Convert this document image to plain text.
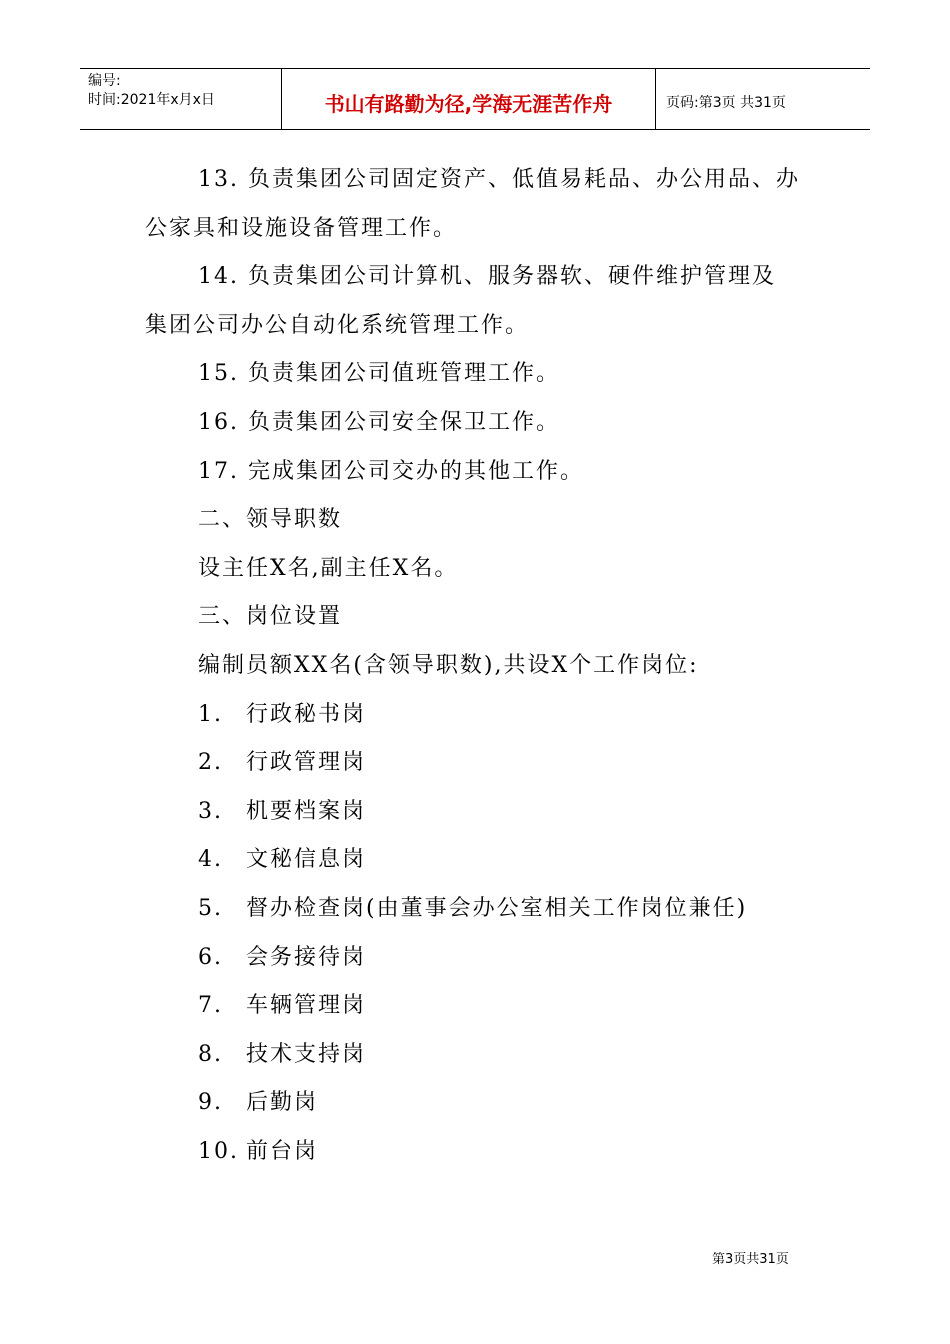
编号:
时间:2021年x月x日	书山有路勤为径,学海无涯苦作舟	页码:第3页 共31页
13. 负责集团公司固定资产、低值易耗品、办公用品、办
公家具和设施设备管理工作。
14. 负责集团公司计算机、服务器软、硬件维护管理及
集团公司办公自动化系统管理工作。
15. 负责集团公司值班管理工作。
16. 负责集团公司安全保卫工作。
17. 完成集团公司交办的其他工作。
二、领导职数
设主任X名,副主任X名。
三、岗位设置
编制员额XX名(含领导职数),共设X个工作岗位:
1. 行政秘书岗
2. 行政管理岗
3. 机要档案岗
4. 文秘信息岗
5. 督办检查岗(由董事会办公室相关工作岗位兼任)
6. 会务接待岗
7. 车辆管理岗
8. 技术支持岗
9. 后勤岗
10. 前台岗
第3页共31页
